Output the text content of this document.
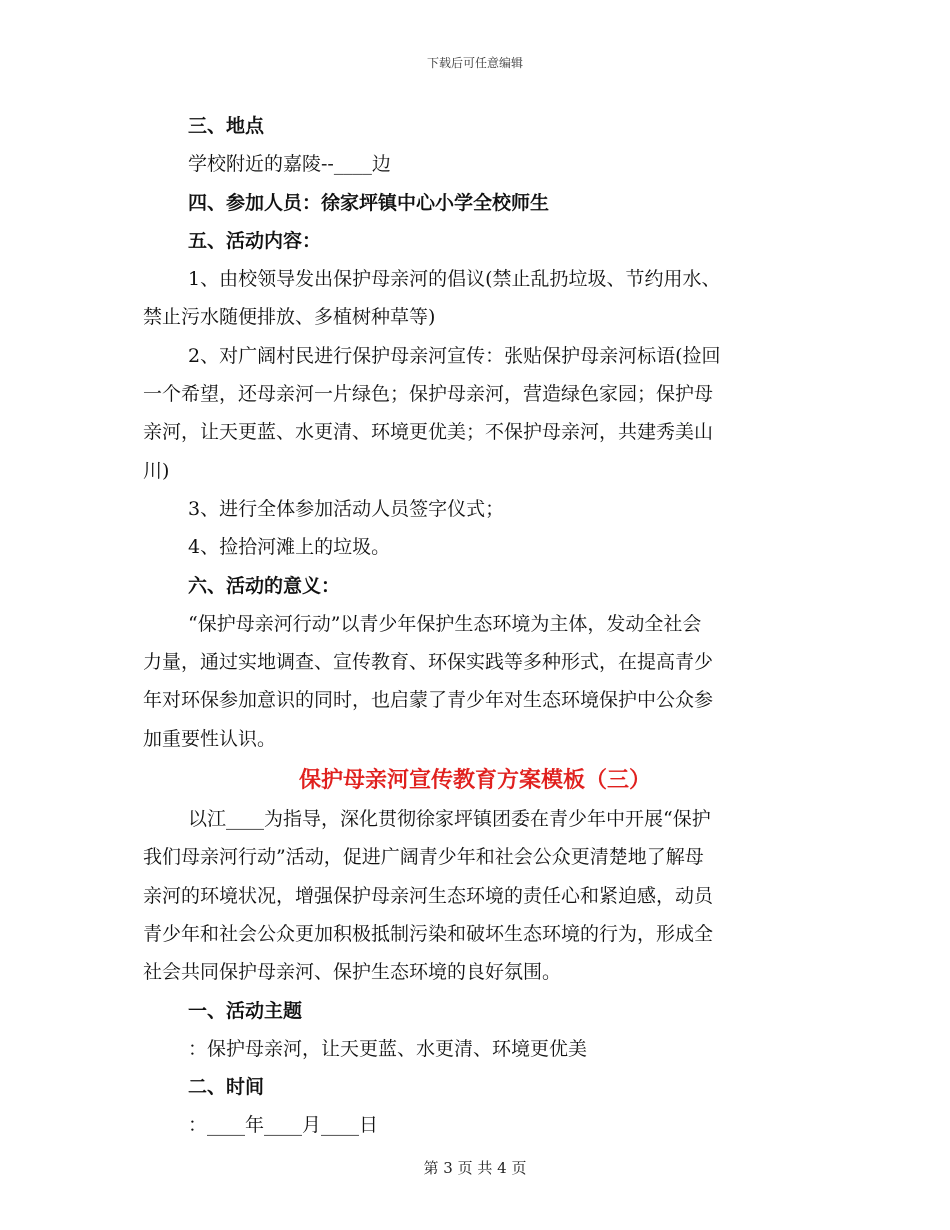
下载后可任意编辑

三、地点

学校附近的嘉陵--____边

四、参加人员：徐家坪镇中心小学全校师生

五、活动内容：

1、由校领导发出保护母亲河的倡议(禁止乱扔垃圾、节约用水、

禁止污水随便排放、多植树种草等)

2、对广阔村民进行保护母亲河宣传：张贴保护母亲河标语(捡回

一个希望，还母亲河一片绿色；保护母亲河，营造绿色家园；保护母

亲河，让天更蓝、水更清、环境更优美；不保护母亲河，共建秀美山

川)

3、进行全体参加活动人员签字仪式；

4、捡拾河滩上的垃圾。

六、活动的意义：

“保护母亲河行动”以青少年保护生态环境为主体，发动全社会

力量，通过实地调查、宣传教育、环保实践等多种形式，在提高青少

年对环保参加意识的同时，也启蒙了青少年对生态环境保护中公众参

加重要性认识。

保护母亲河宣传教育方案模板（三）

以江____为指导，深化贯彻徐家坪镇团委在青少年中开展“保护

我们母亲河行动”活动，促进广阔青少年和社会公众更清楚地了解母

亲河的环境状况，增强保护母亲河生态环境的责任心和紧迫感，动员

青少年和社会公众更加积极抵制污染和破坏生态环境的行为，形成全

社会共同保护母亲河、保护生态环境的良好氛围。

一、活动主题

：保护母亲河，让天更蓝、水更清、环境更优美

二、时间

：____年____月____日

第 3 页 共 4 页
